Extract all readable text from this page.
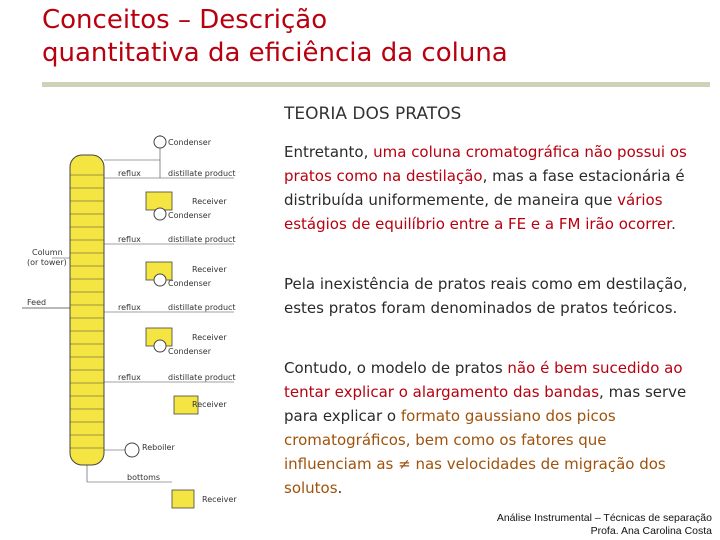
Conceitos – Descrição
quantitativa da eficiência da coluna
Column
(or tower)
Feed
Condenser
reflux	distillate product
Receiver
Condenser
reflux	distillate product
Receiver
Condenser
reflux	distillate product
Receiver
Condenser
reflux	distillate product
Receiver
Reboiler
bottoms
Receiver
TEORIA DOS PRATOS

Entretanto, uma coluna cromatográfica não possui os pratos como na destilação, mas a fase estacionária é distribuída uniformemente, de maneira que vários estágios de equilíbrio entre a FE e a FM irão ocorrer.

Pela inexistência de pratos reais como em destilação, estes pratos foram denominados de pratos teóricos.

Contudo, o modelo de pratos não é bem sucedido ao tentar explicar o alargamento das bandas, mas serve para explicar o formato gaussiano dos picos cromatográficos, bem como os fatores que influenciam as ≠ nas velocidades de migração dos solutos.

Análise Instrumental – Técnicas de separação
Profa. Ana Carolina Costa
